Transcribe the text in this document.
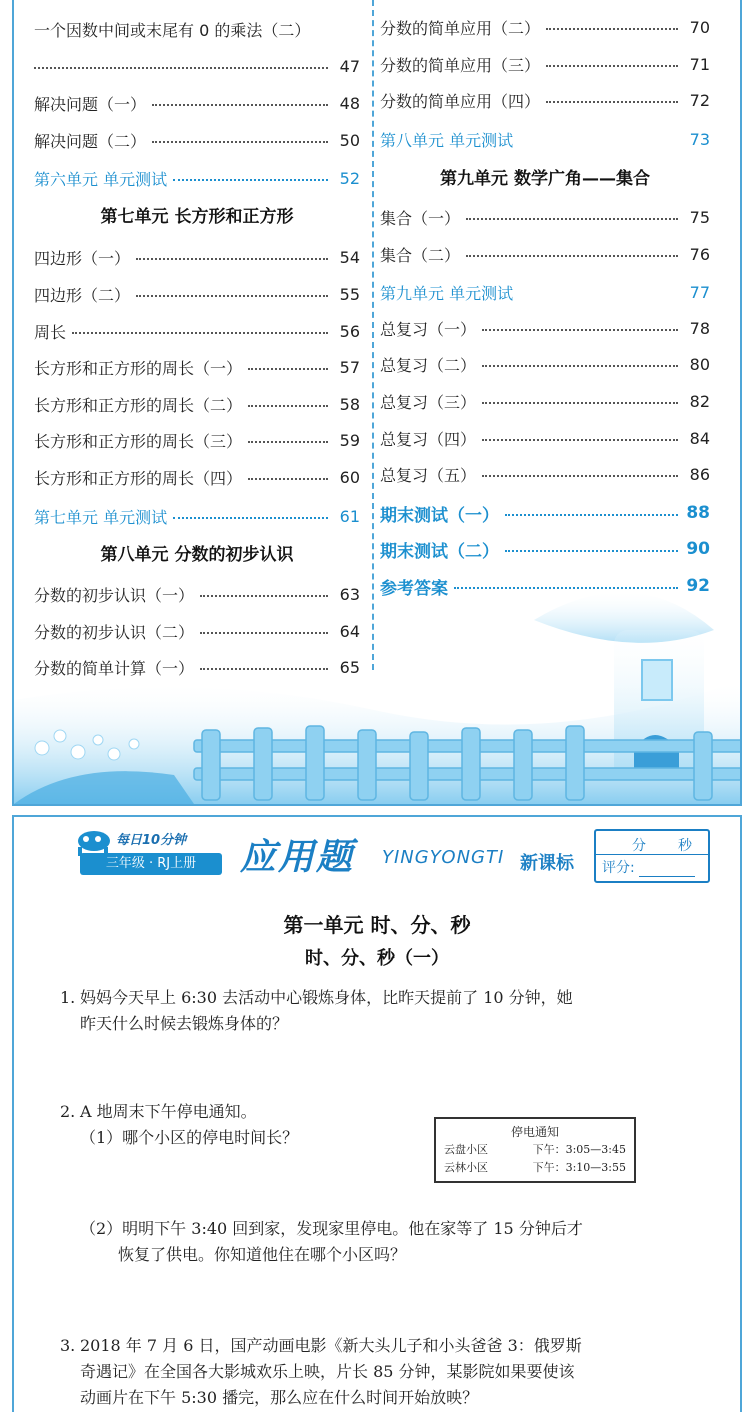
一个因数中间或末尾有 0 的乘法（二）
47
解决问题（一）	48
解决问题（二）	50
第六单元 单元测试	52
第七单元 长方形和正方形
四边形（一）	54
四边形（二）	55
周长	56
长方形和正方形的周长（一）	57
长方形和正方形的周长（二）	58
长方形和正方形的周长（三）	59
长方形和正方形的周长（四）	60
第七单元 单元测试	61
第八单元 分数的初步认识
分数的初步认识（一）	63
分数的初步认识（二）	64
分数的简单计算（一）	65
分数的简单应用（二）	70
分数的简单应用（三）	71
分数的简单应用（四）	72
第八单元 单元测试	73
第九单元 数学广角——集合
集合（一）	75
集合（二）	76
第九单元 单元测试	77
总复习（一）	78
总复习（二）	80
总复习（三）	82
总复习（四）	84
总复习（五）	86
期末测试（一）	88
期末测试（二）	90
参考答案	92
每日10分钟
三年级 · RJ上册	应用题 YINGYONGTI 新课标
分 秒
评分:
第一单元 时、分、秒
时、分、秒（一）
1. 妈妈今天早上 6:30 去活动中心锻炼身体，比昨天提前了 10 分钟，她
昨天什么时候去锻炼身体的？
2. A 地周末下午停电通知。
（1）哪个小区的停电时间长？	停电通知
云盘小区	下午：3:05—3:45
云林小区	下午：3:10—3:55
（2）明明下午 3:40 回到家，发现家里停电。他在家等了 15 分钟后才
恢复了供电。你知道他住在哪个小区吗？
3. 2018 年 7 月 6 日，国产动画电影《新大头儿子和小头爸爸 3：俄罗斯
奇遇记》在全国各大影城欢乐上映，片长 85 分钟，某影院如果要使该
动画片在下午 5:30 播完，那么应在什么时间开始放映？
